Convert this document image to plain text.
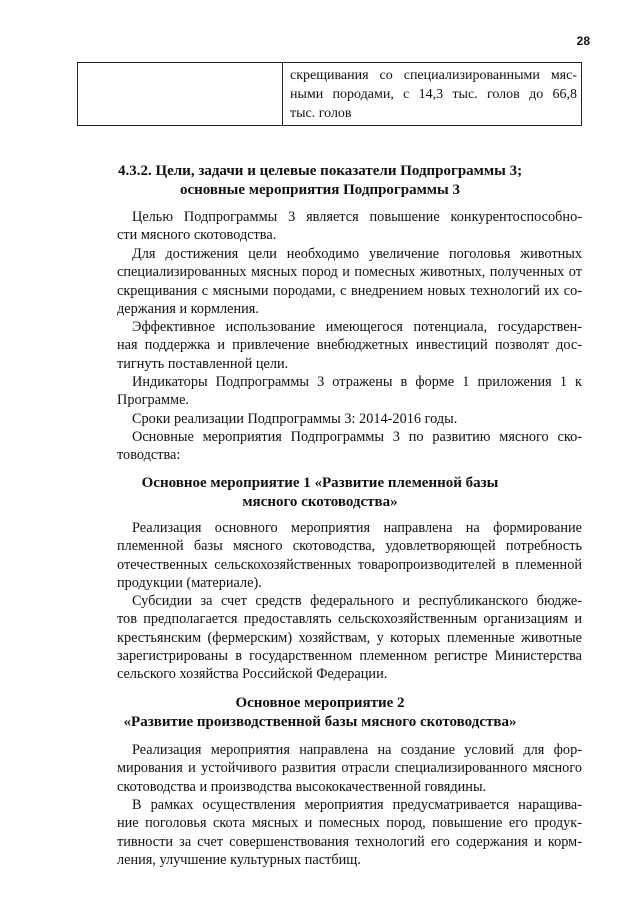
28

скрещивания со специализированными мяс-
ными породами, с 14,3 тыс. голов до 66,8
тыс. голов
4.3.2. Цели, задачи и целевые показатели Подпрограммы 3;
основные мероприятия Подпрограммы 3
Целью Подпрограммы 3 является повышение конкурентоспособно-
сти мясного скотоводства.
Для достижения цели необходимо увеличение поголовья животных
специализированных мясных пород и помесных животных, полученных от
скрещивания с мясными породами, с внедрением новых технологий их со-
держания и кормления.
Эффективное использование имеющегося потенциала, государствен-
ная поддержка и привлечение внебюджетных инвестиций позволят дос-
тигнуть поставленной цели.
Индикаторы Подпрограммы 3 отражены в форме 1 приложения 1 к
Программе.
Сроки реализации Подпрограммы 3: 2014-2016 годы.
Основные мероприятия Подпрограммы 3 по развитию мясного ско-
товодства:
Основное мероприятие 1 «Развитие племенной базы
мясного скотоводства»
Реализация основного мероприятия направлена на формирование
племенной базы мясного скотоводства, удовлетворяющей потребность
отечественных сельскохозяйственных товаропроизводителей в племенной
продукции (материале).
Субсидии за счет средств федерального и республиканского бюдже-
тов предполагается предоставлять сельскохозяйственным организациям и
крестьянским (фермерским) хозяйствам, у которых племенные животные
зарегистрированы в государственном племенном регистре Министерства
сельского хозяйства Российской Федерации.
Основное мероприятие 2
«Развитие производственной базы мясного скотоводства»
Реализация мероприятия направлена на создание условий для фор-
мирования и устойчивого развития отрасли специализированного мясного
скотоводства и производства высококачественной говядины.
В рамках осуществления мероприятия предусматривается наращива-
ние поголовья скота мясных и помесных пород, повышение его продук-
тивности за счет совершенствования технологий его содержания и корм-
ления, улучшение культурных пастбищ.
